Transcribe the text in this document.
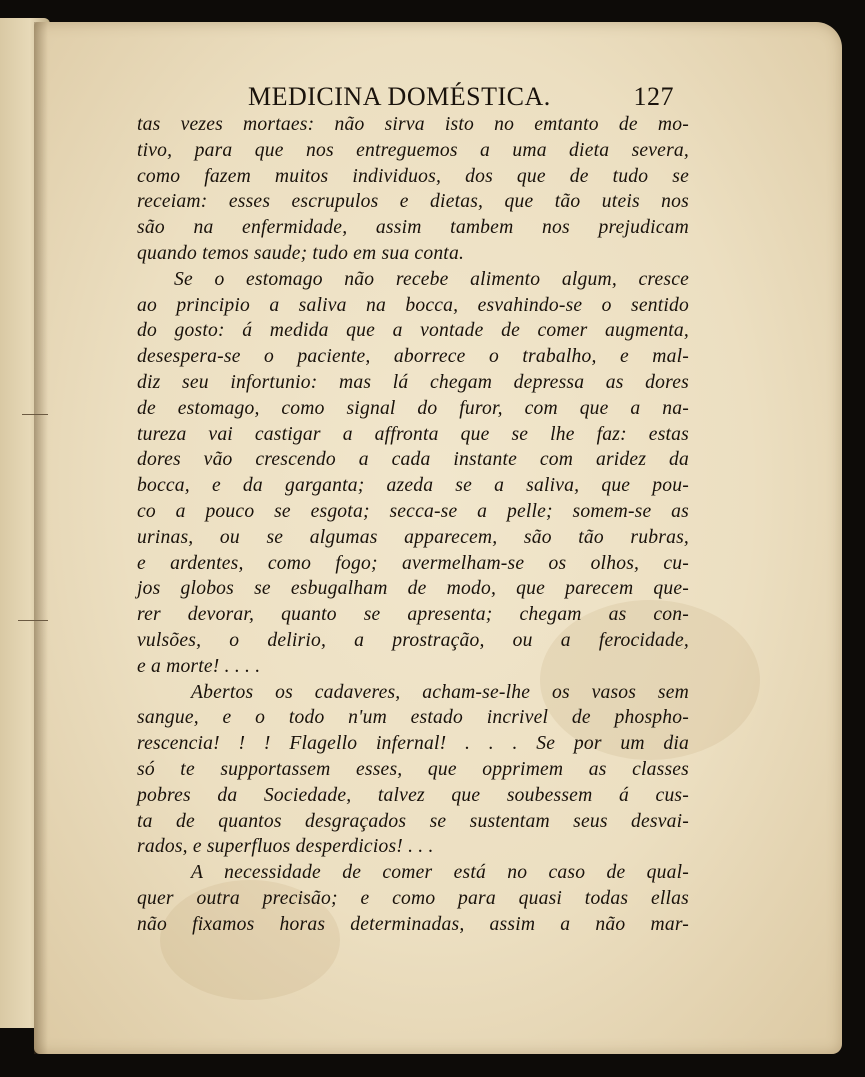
MEDICINA DOMÉSTICA.	127
tas vezes mortaes: não sirva isto no emtanto de mo-
tivo, para que nos entreguemos a uma dieta severa,
como fazem muitos individuos, dos que de tudo se
receiam: esses escrupulos e dietas, que tão uteis nos
são na enfermidade, assim tambem nos prejudicam
quando temos saude; tudo em sua conta.
Se o estomago não recebe alimento algum, cresce
ao principio a saliva na bocca, esvahindo-se o sentido
do gosto: á medida que a vontade de comer augmenta,
desespera-se o paciente, aborrece o trabalho, e mal-
diz seu infortunio: mas lá chegam depressa as dores
de estomago, como signal do furor, com que a na-
tureza vai castigar a affronta que se lhe faz: estas
dores vão crescendo a cada instante com aridez da
bocca, e da garganta; azeda se a saliva, que pou-
co a pouco se esgota; secca-se a pelle; somem-se as
urinas, ou se algumas apparecem, são tão rubras,
e ardentes, como fogo; avermelham-se os olhos, cu-
jos globos se esbugalham de modo, que parecem que-
rer devorar, quanto se apresenta; chegam as con-
vulsões, o delirio, a prostração, ou a ferocidade,
e a morte! . . . .
Abertos os cadaveres, acham-se-lhe os vasos sem
sangue, e o todo n'um estado incrivel de phospho-
rescencia! ! ! Flagello infernal! . . . Se por um dia
só te supportassem esses, que opprimem as classes
pobres da Sociedade, talvez que soubessem á cus-
ta de quantos desgraçados se sustentam seus desvai-
rados, e superfluos desperdicios! . . .
A necessidade de comer está no caso de qual-
quer outra precisão; e como para quasi todas ellas
não fixamos horas determinadas, assim a não mar-
